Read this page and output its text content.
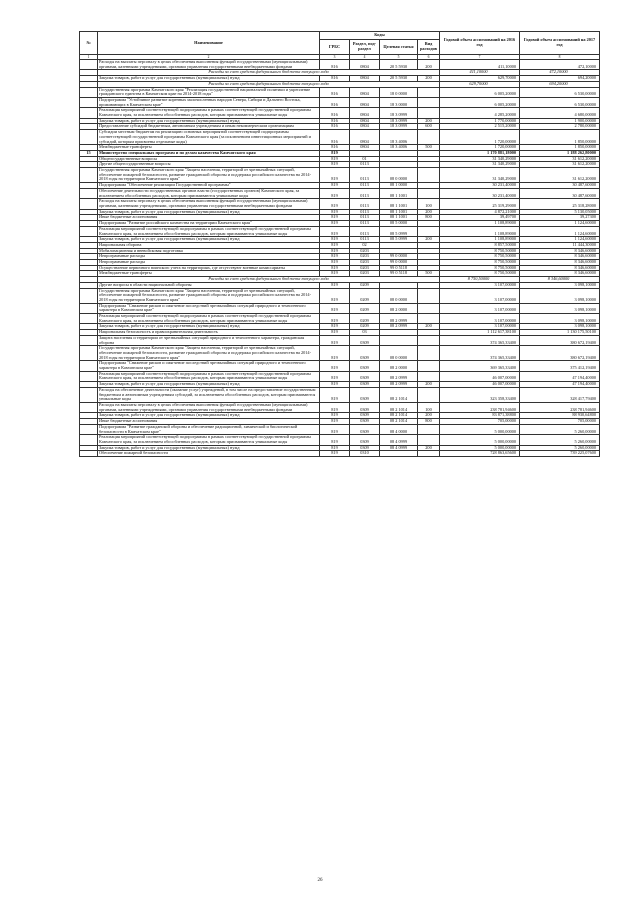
№	Наименование	Коды				Годовой объем ассигнований на 2016 год	Годовой объем ассигнований на 2017 год
		ГРБС	Раздел, под-раздел	Целевая статья	Вид расходов		
1	2	3	4	5	6	7	8
	Расходы на выплаты персоналу в целях обеспечения выполнения функций государственными (муниципальными) органами, казенными учреждениями, органами управления государственными внебюджетными фондами	816	0804	20 5 5930	200	411,10000	472,10000
	Расходы за счет средств федерального бюджета текущего года					411,10000	472,10000
	Закупка товаров, работ и услуг для государственных (муниципальных) нужд	816	0804	20 5 5930	200	629,70000	694,20000
	Расходы за счет средств федерального бюджета текущего года					629,70000	694,20000
	Государственная программа Камчатского края "Реализация государственной национальной политики и укрепление гражданского единства в Камчатском крае на 2014-2018 годы"	816	0804	18 0 0000		6 005,20000	6 530,00000
	Подпрограмма "Устойчивое развитие коренных малочисленных народов Севера, Сибири и Дальнего Востока, проживающих в Камчатском крае"	816	0804	18 3 0000		6 005,20000	6 530,00000
	Реализация мероприятий соответствующей подпрограммы в рамках соответствующей государственной программы Камчатского края, за исключением обособленных расходов, которым присваиваются уникальные коды	816	0804	18 3 0999		4 285,20000	4 680,00000
	Закупка товаров, работ и услуг для государственных (муниципальных) нужд	816	0804	18 3 0999	200	1 770,00000	1 900,00000
	Предоставление субсидий бюджетным, автономным учреждениям и иным некоммерческим организациям	816	0804	18 3 0999	600	2 515,20000	2 780,00000
	Субсидии местным бюджетам на реализацию основных мероприятий соответствующей подпрограммы соответствующей государственной программы Камчатского края (за исключением инвестиционных мероприятий и субсидий, которым присвоены отдельные коды)	816	0804	18 3 4006		1 720,00000	1 850,00000
	Межбюджетные трансферты	816	0804	18 3 4006	500	1 720,00000	1 850,00000
15	Министерство специальных программ и по делам казачества Камчатского края	819				1 170 881,18000	1 188 262,80000
	Общегосударственные вопросы	819	01			31 340,29000	31 612,20000
	Другие общегосударственные вопросы	819	0113			31 340,29000	31 612,20000
	Государственная программа Камчатского края "Защита населения, территорий от чрезвычайных ситуаций, обеспечение пожарной безопасности, развитие гражданской обороны и поддержка российского казачества на 2014-2018 годы на территории Камчатского края"	819	0113	08 0 0000		31 340,29000	31 612,20000
	Подпрограмма "Обеспечение реализации Государственной программы"	819	0113	08 1 0000		30 231,40000	30 487,60000
	Обеспечение деятельности государственных органов власти (государственных органов) Камчатского края, за исключением обособленных расходов, которым присваиваются уникальные коды	819	0113	08 1 1001		30 231,40000	30 487,60000
	Расходы на выплаты персоналу в целях обеспечения выполнения функций государственными (муниципальными) органами, казенными учреждениями, органами управления государственными внебюджетными фондами	819	0113	08 1 1001	100	25 319,29000	25 318,28000
	Закупка товаров, работ и услуг для государственных (муниципальных) нужд	819	0113	08 1 1001	200	4 872,21000	5 130,05000
	Иные бюджетные ассигнования	819	0113	08 1 1001	800	39,49700	39,27300
	Подпрограмма "Развитие российского казачества на территории Камчатского края"	819	0113	08 5 0000		1 108,89000	1 124,60000
	Реализация мероприятий соответствующей подпрограммы в рамках соответствующей государственной программы Камчатского края, за исключением обособленных расходов, которым присваиваются уникальные коды	819	0113	08 5 0999		1 108,89000	1 124,60000
	Закупка товаров, работ и услуг для государственных (муниципальных) нужд	819	0113	08 5 0999	200	1 108,89000	1 124,60000
	Национальная оборона	819	02			8 857,50000	11 444,30000
	Мобилизационная и вневойсковая подготовка	819	0203			8 750,50000	8 346,60000
	Непрограммные расходы	819	0203	99 0 0000		8 750,50000	8 346,60000
	Непрограммные расходы	819	0203	99 0 0000		8 750,50000	8 346,60000
	Осуществление первичного воинского учета на территориях, где отсутствуют военные комиссариаты	819	0203	99 0 5118		8 750,50000	8 346,60000
	Межбюджетные трансферты	819	0203	99 0 5118	500	8 750,50000	8 346,60000
	Расходы за счет средств федерального бюджета текущего года					8 750,50000	8 346,60000
	Другие вопросы в области национальной обороны	819	0209			3 107,00000	3 098,10000
	Государственная программа Камчатского края "Защита населения, территорий от чрезвычайных ситуаций, обеспечение пожарной безопасности, развитие гражданской обороны и поддержка российского казачества на 2014-2018 годы на территории Камчатского края"	819	0209	08 0 0000		3 107,00000	3 098,10000
	Подпрограмма "Снижение рисков и смягчение последствий чрезвычайных ситуаций природного и техногенного характера в Камчатском крае"	819	0209	08 2 0000		3 107,00000	3 098,10000
	Реализация мероприятий соответствующей подпрограммы в рамках соответствующей государственной программы Камчатского края, за исключением обособленных расходов, которым присваиваются уникальные коды	819	0209	08 2 0999		3 107,00000	3 098,10000
	Закупка товаров, работ и услуг для государственных (муниципальных) нужд	819	0209	08 2 0999	200	3 107,00000	3 098,10000
	Национальная безопасность и правоохранительная деятельность	819	03			1 112 617,38100	1 130 175,50100
	Защита населения и территории от чрезвычайных ситуаций природного и техногенного характера, гражданская оборона	819	0309			374 365,33400	380 672,19400
	Государственная программа Камчатского края "Защита населения, территорий от чрезвычайных ситуаций, обеспечение пожарной безопасности, развитие гражданской обороны и поддержка российского казачества на 2014-2018 годы на территории Камчатского края"	819	0309	08 0 0000		374 365,33400	380 672,19400
	Подпрограмма "Снижение рисков и смягчение последствий чрезвычайных ситуаций природного и техногенного характера в Камчатском крае"	819	0309	08 2 0000		369 365,33400	375 412,19400
	Реализация мероприятий соответствующей подпрограммы в рамках соответствующей государственной программы Камчатского края, за исключением обособленных расходов, которым присваиваются уникальные коды	819	0309	08 2 0999		46 007,00000	47 194,40000
	Закупка товаров, работ и услуг для государственных (муниципальных) нужд	819	0309	08 2 0999	200	46 007,00000	47 194,40000
	Расходы на обеспечение деятельности (оказание услуг) учреждений, в том числе на предоставление государственным бюджетным и автономным учреждениям субсидий, за исключением обособленных расходов, которым присваиваются уникальные коды	819	0309	08 2 1014		323 358,33400	328 417,79400
	Расходы на выплаты персоналу в целях обеспечения выполнения функций государственными (муниципальными) органами, казенными учреждениями, органами управления государственными внебюджетными фондами	819	0309	08 2 1014	100	238 781,94600	238 781,94600
	Закупка товаров, работ и услуг для государственных (муниципальных) нужд	819	0309	08 2 1014	200	83 871,38800	88 930,64800
	Иные бюджетные ассигнования	819	0309	08 2 1014	800	705,00000	705,00000
	Подпрограмма "Развитие гражданской обороны и обеспечение радиационной, химической и биологической безопасности в Камчатском крае"	819	0309	08 4 0000		5 000,00000	5 260,00000
	Реализация мероприятий соответствующей подпрограммы в рамках соответствующей государственной программы Камчатского края, за исключением обособленных расходов, которым присваиваются уникальные коды	819	0309	08 4 0999		5 000,00000	5 260,00000
	Закупка товаров, работ и услуг для государственных (муниципальных) нужд	819	0309	08 4 0999	200	5 000,00000	5 260,00000
	Обеспечение пожарной безопасности	819	0310			728 863,65600	739 225,07600
26
